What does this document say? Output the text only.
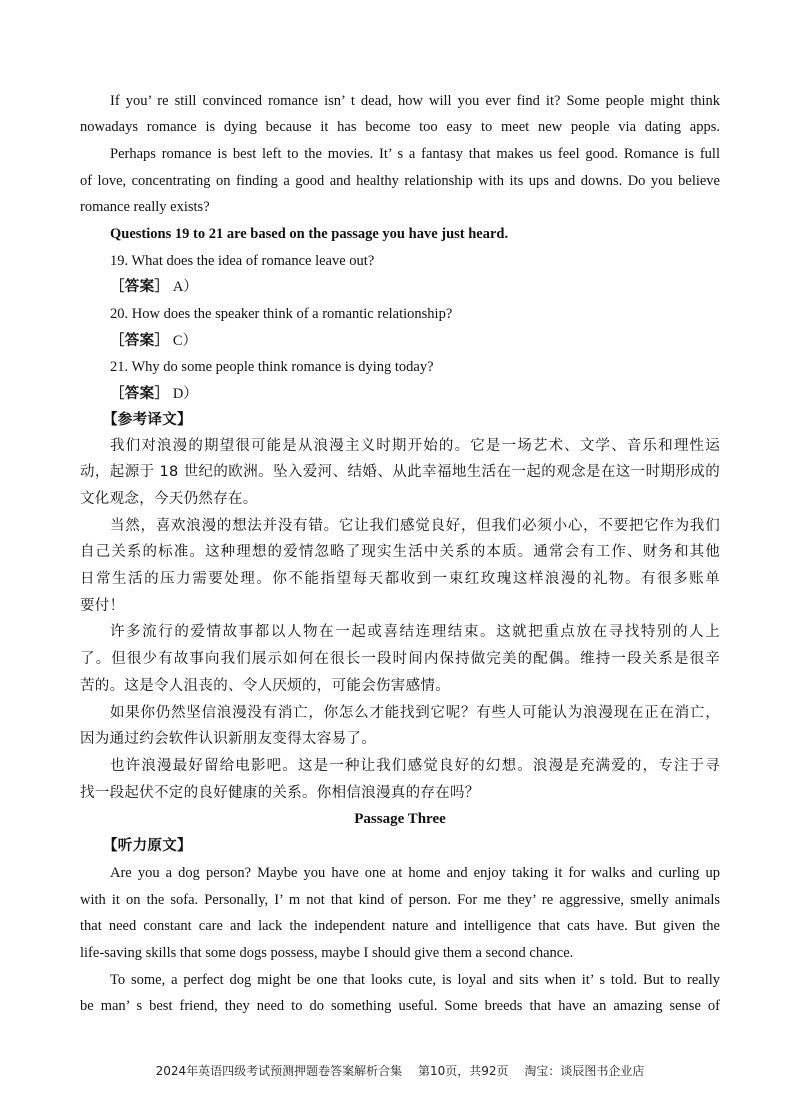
If you’ re still convinced romance isn’ t dead, how will you ever find it? Some people might think
nowadays romance is dying because it has become too easy to meet new people via dating apps.
Perhaps romance is best left to the movies. It’ s a fantasy that makes us feel good. Romance is full
of love, concentrating on finding a good and healthy relationship with its ups and downs. Do you believe
romance really exists?
Questions 19 to 21 are based on the passage you have just heard.
19. What does the idea of romance leave out?
［答案］ A）
20. How does the speaker think of a romantic relationship?
［答案］ C）
21. Why do some people think romance is dying today?
［答案］ D）
【参考译文】
我们对浪漫的期望很可能是从浪漫主义时期开始的。它是一场艺术、文学、音乐和理性运
动，起源于 18 世纪的欧洲。坠入爱河、结婚、从此幸福地生活在一起的观念是在这一时期形成的
文化观念，今天仍然存在。
当然，喜欢浪漫的想法并没有错。它让我们感觉良好，但我们必须小心，不要把它作为我们
自己关系的标准。这种理想的爱情忽略了现实生活中关系的本质。通常会有工作、财务和其他
日常生活的压力需要处理。你不能指望每天都收到一束红玫瑰这样浪漫的礼物。有很多账单
要付！
许多流行的爱情故事都以人物在一起或喜结连理结束。这就把重点放在寻找特别的人上
了。但很少有故事向我们展示如何在很长一段时间内保持做完美的配偶。维持一段关系是很辛
苦的。这是令人沮丧的、令人厌烦的，可能会伤害感情。
如果你仍然坚信浪漫没有消亡，你怎么才能找到它呢？有些人可能认为浪漫现在正在消亡，
因为通过约会软件认识新朋友变得太容易了。
也许浪漫最好留给电影吧。这是一种让我们感觉良好的幻想。浪漫是充满爱的，专注于寻
找一段起伏不定的良好健康的关系。你相信浪漫真的存在吗？
Passage Three
【听力原文】
Are you a dog person? Maybe you have one at home and enjoy taking it for walks and curling up
with it on the sofa. Personally, I’ m not that kind of person. For me they’ re aggressive, smelly animals
that need constant care and lack the independent nature and intelligence that cats have. But given the
life-saving skills that some dogs possess, maybe I should give them a second chance.
To some, a perfect dog might be one that looks cute, is loyal and sits when it’ s told. But to really
be man’ s best friend, they need to do something useful. Some breeds that have an amazing sense of
2024年英语四级考试预测押题卷答案解析合集 第10页，共92页 淘宝：谈辰图书企业店
